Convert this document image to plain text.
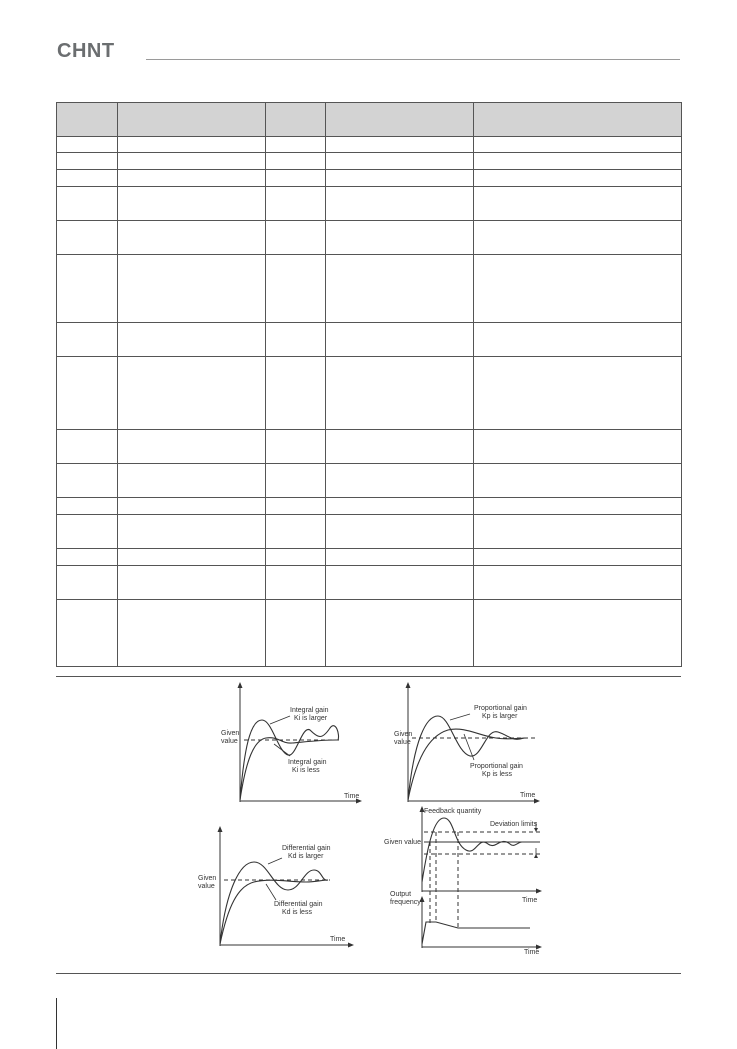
CHNT

Given value
Integral gain Ki is larger
Integral gain Ki is less
Time
Given value
Proportional gain Kp is larger
Proportional gain Kp is less
Time
Given value
Differential gain Kd is larger
Differential gain Kd is less
Time
Feedback quantity
Deviation limits
Given value
Output frequency	Time
Time
